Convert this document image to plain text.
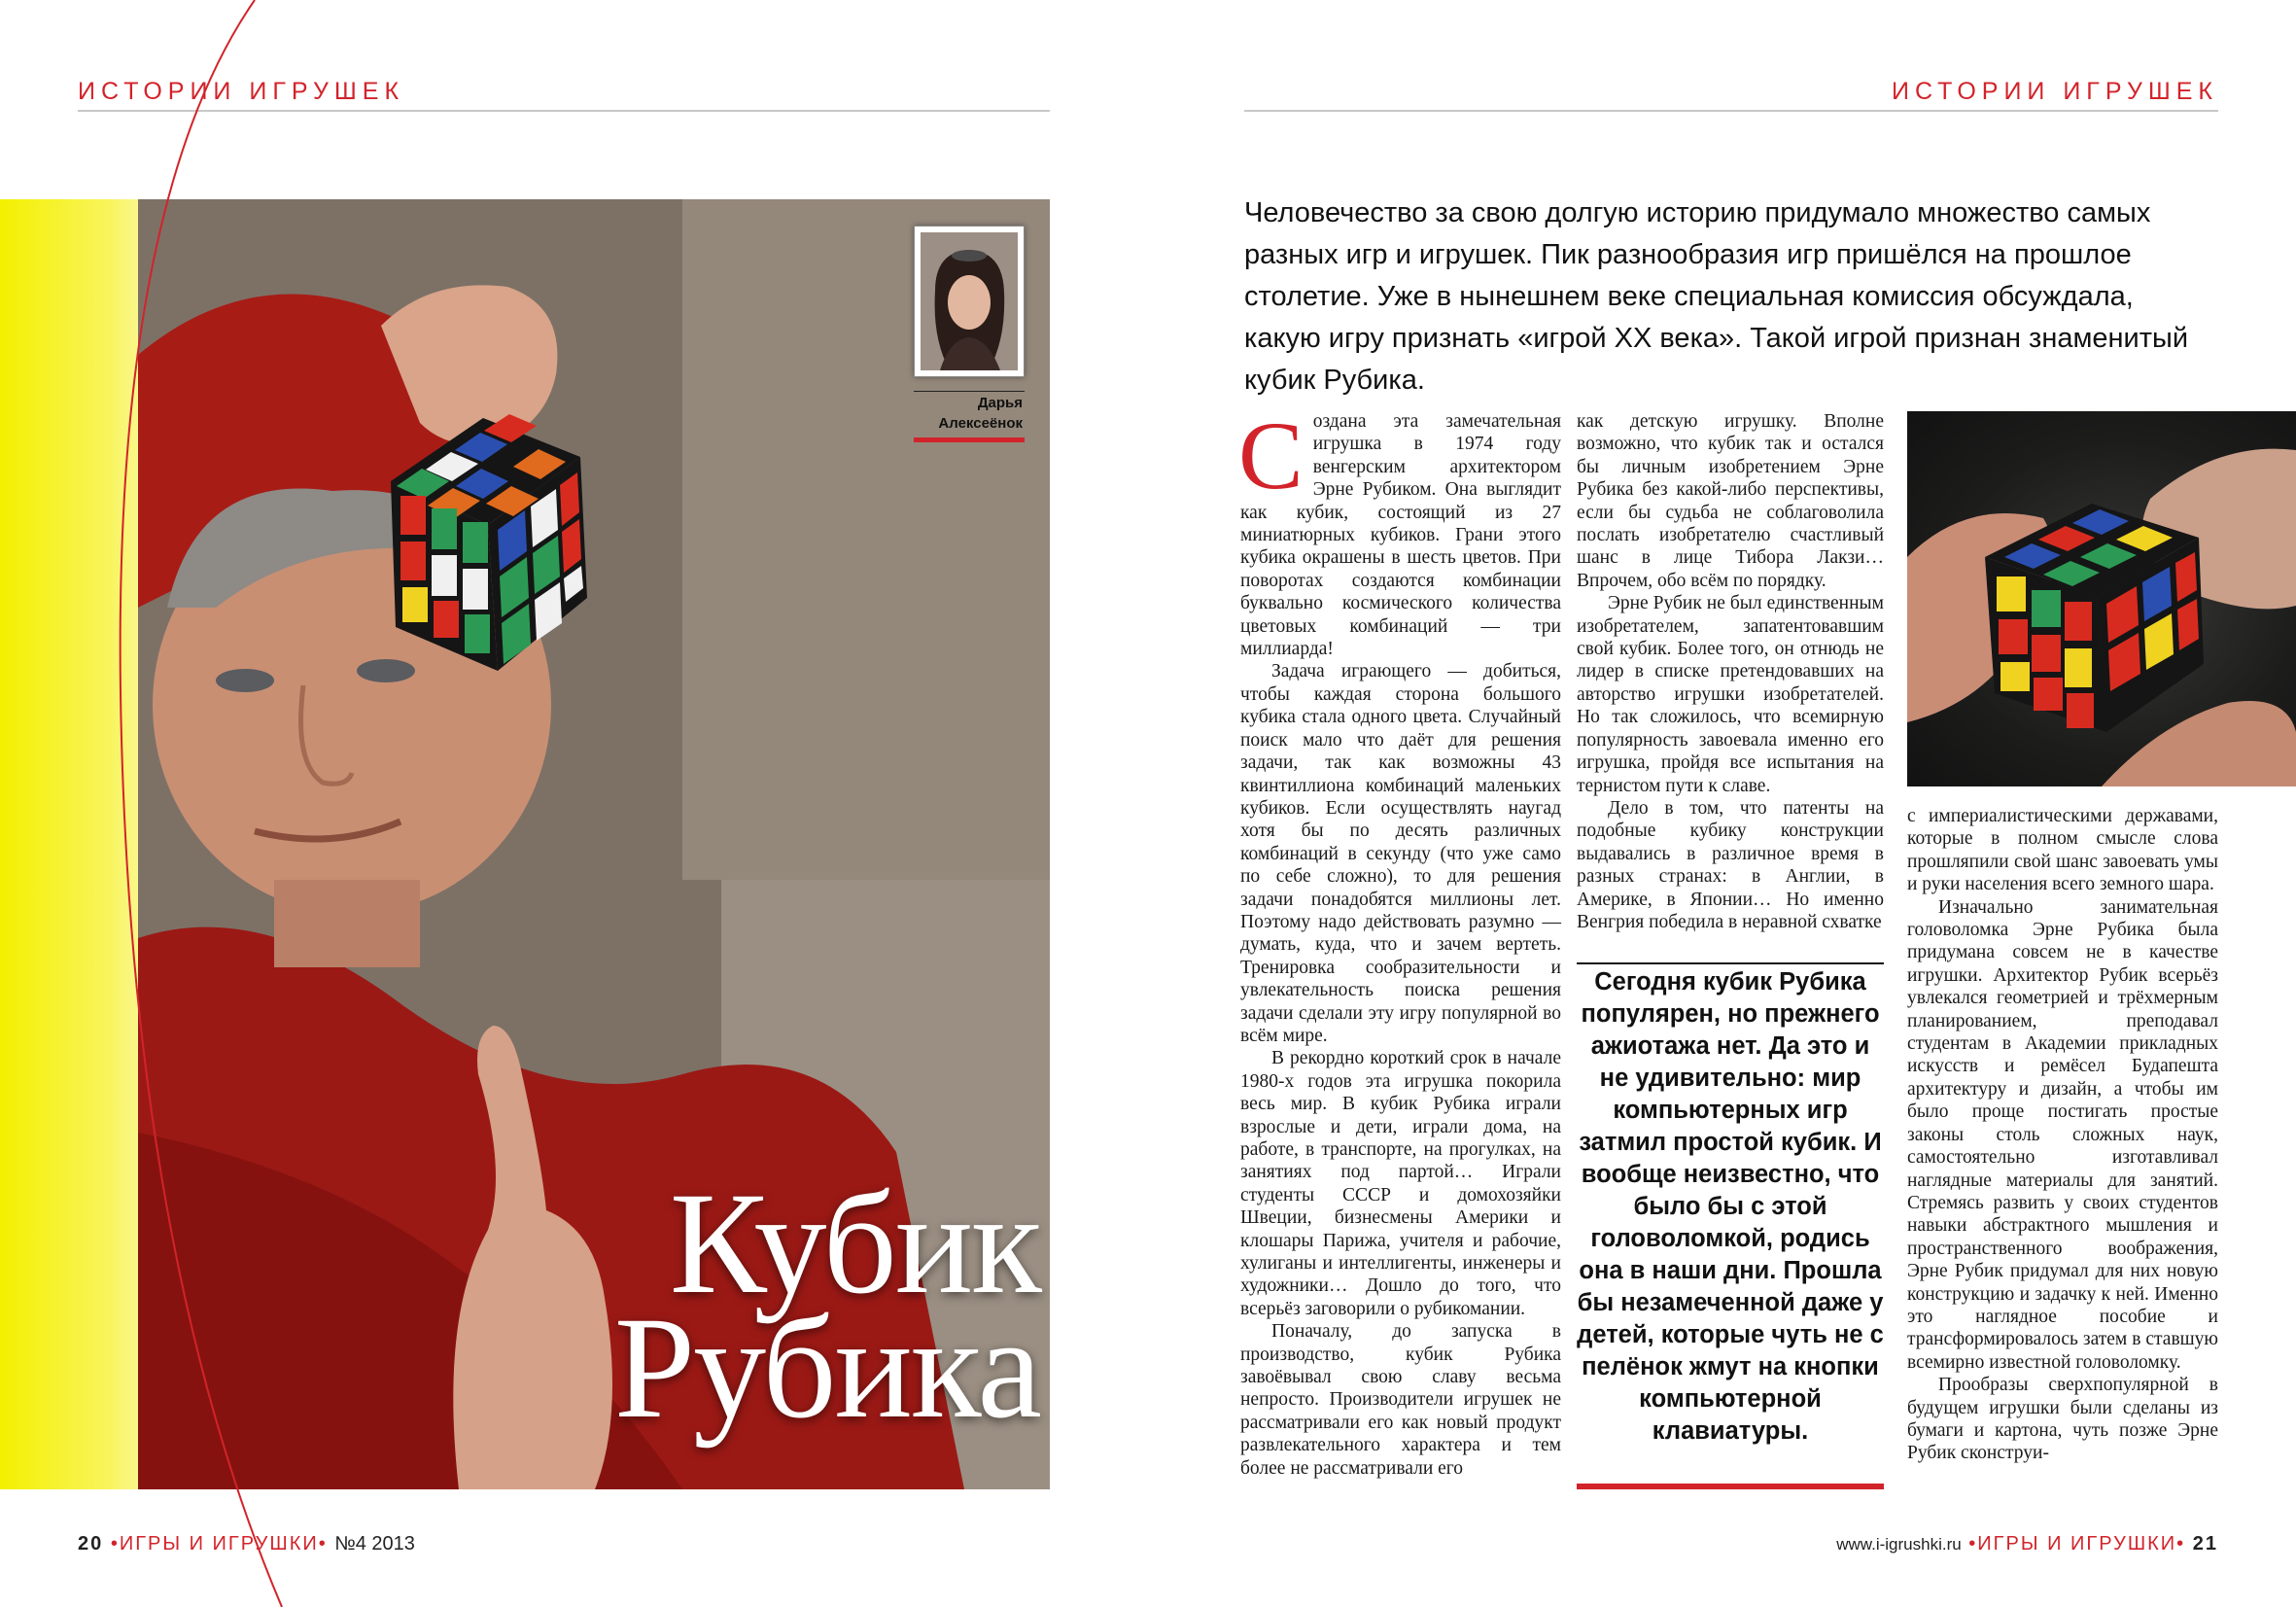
ИСТОРИИ ИГРУШЕК
Дарья
Алексеёнок
Кубик
Рубика
20 •ИГРЫ И ИГРУШКИ• №4 2013
ИСТОРИИ ИГРУШЕК
Человечество за свою долгую историю придумало множество самых разных игр и игрушек. Пик разнообразия игр пришёлся на прошлое столетие. Уже в нынешнем веке специальная комиссия обсуждала, какую игру признать «игрой ХХ века». Такой игрой признан знаменитый кубик Рубика.

Создана эта замечательная игрушка в 1974 году венгерским архитектором Эрне Рубиком. Она выглядит как кубик, состоящий из 27 миниатюрных кубиков. Грани этого кубика окрашены в шесть цветов. При поворотах создаются комбинации буквально космического количества цветовых комбинаций — три миллиарда!

Задача играющего — добиться, чтобы каждая сторона большого кубика стала одного цвета. Случайный поиск мало что даёт для решения задачи, так как возможны 43 квинтиллиона комбинаций маленьких кубиков. Если осуществлять наугад хотя бы по десять различных комбинаций в секунду (что уже само по себе сложно), то для решения задачи понадобятся миллионы лет. Поэтому надо действовать разумно — думать, куда, что и зачем вертеть. Тренировка сообразительности и увлекательность поиска решения задачи сделали эту игру популярной во всём мире.

В рекордно короткий срок в начале 1980-х годов эта игрушка покорила весь мир. В кубик Рубика играли взрослые и дети, играли дома, на работе, в транспорте, на прогулках, на занятиях под партой… Играли студенты СССР и домохозяйки Швеции, бизнесмены Америки и клошары Парижа, учителя и рабочие, хулиганы и интеллигенты, инженеры и художники… Дошло до того, что всерьёз заговорили о рубикомании.

Поначалу, до запуска в производство, кубик Рубика завоёвывал свою славу весьма непросто. Производители игрушек не рассматривали его как новый продукт развлекательного характера и тем более не рассматривали его

как детскую игрушку. Вполне возможно, что кубик так и остался бы личным изобретением Эрне Рубика без какой-либо перспективы, если бы судьба не соблаговолила послать изобретателю счастливый шанс в лице Тибора Лакзи… Впрочем, обо всём по порядку.

Эрне Рубик не был единственным изобретателем, запатентовавшим свой кубик. Более того, он отнюдь не лидер в списке претендовавших на авторство игрушки изобретателей. Но так сложилось, что всемирную популярность завоевала именно его игрушка, пройдя все испытания на тернистом пути к славе.

Дело в том, что патенты на подобные кубику конструкции выдавались в различное время в разных странах: в Англии, в Америке, в Японии… Но именно Венгрия победила в неравной схватке

Сегодня кубик Рубика популярен, но прежнего ажиотажа нет. Да это и не удивительно: мир компьютерных игр затмил простой кубик. И вообще неизвестно, что было бы с этой головоломкой, родись она в наши дни. Прошла бы незамеченной даже у детей, которые чуть не с пелёнок жмут на кнопки компьютерной клавиатуры.

с империалистическими державами, которые в полном смысле слова прошляпили свой шанс завоевать умы и руки населения всего земного шара.

Изначально занимательная головоломка Эрне Рубика была придумана совсем не в качестве игрушки. Архитектор Рубик всерьёз увлекался геометрией и трёхмерным планированием, преподавал студентам в Академии прикладных искусств и ремёсел Будапешта архитектуру и дизайн, а чтобы им было проще постигать простые законы столь сложных наук, самостоятельно изготавливал наглядные материалы для занятий. Стремясь развить у своих студентов навыки абстрактного мышления и пространственного воображения, Эрне Рубик придумал для них новую конструкцию и задачку к ней. Именно это наглядное пособие и трансформировалось затем в ставшую всемирно известной головоломку.

Прообразы сверхпопулярной в будущем игрушки были сделаны из бумаги и картона, чуть позже Эрне Рубик сконструи-

www.i-igrushki.ru •ИГРЫ И ИГРУШКИ• 21
